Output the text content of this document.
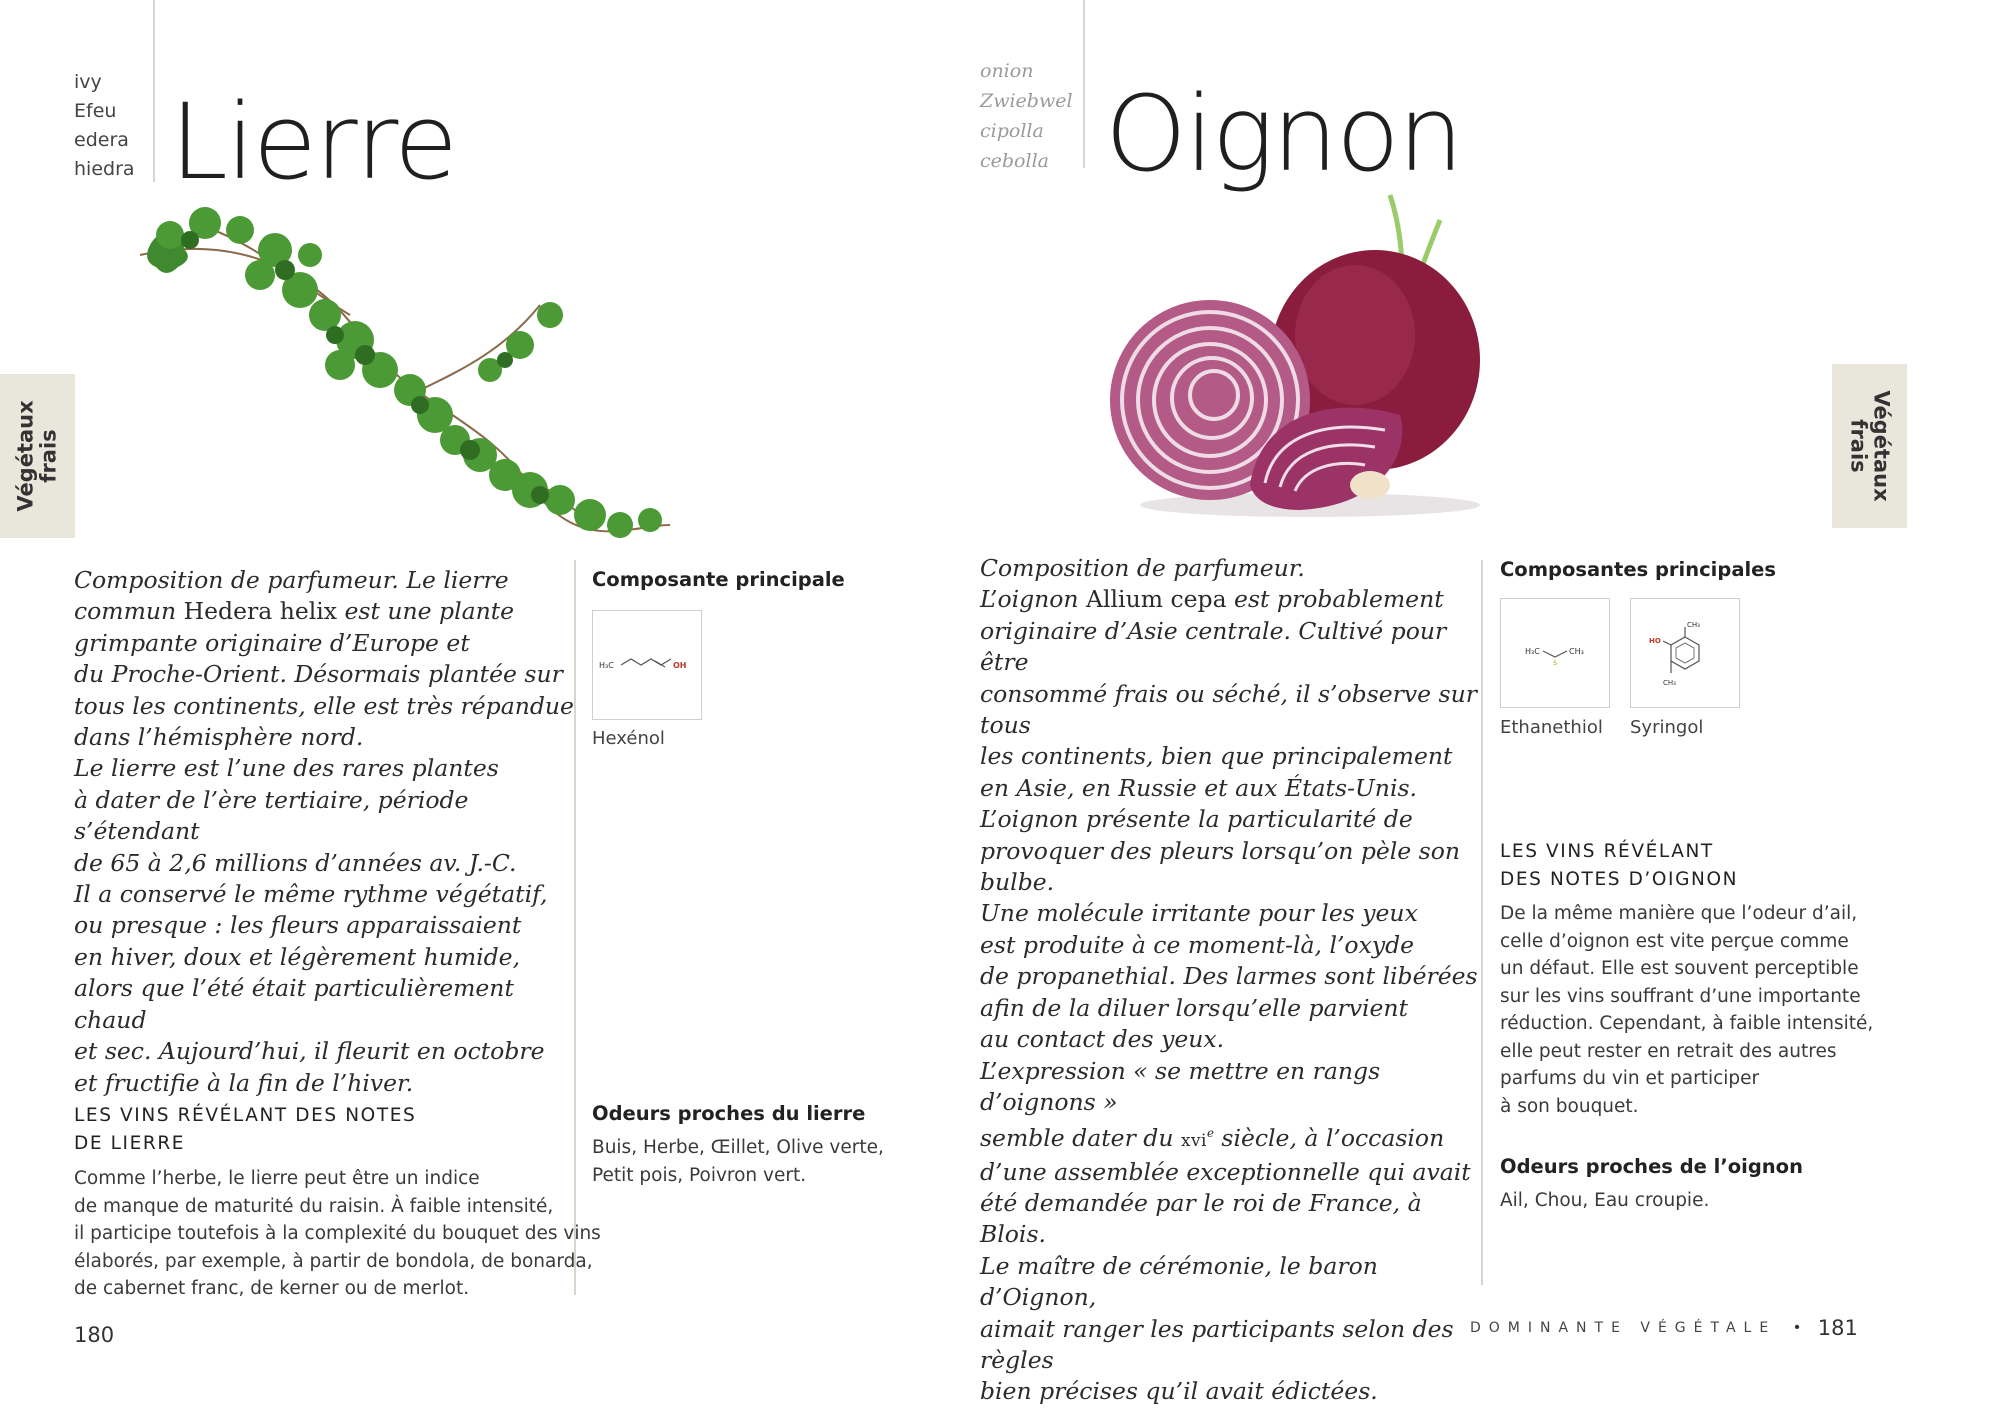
ivy
Efeu
edera
hiedra Lierre
Végétaux frais

Composition de parfumeur. Le lierre

commun Hedera helix est une plante

grimpante originaire d’Europe et

du Proche-Orient. Désormais plantée sur

tous les continents, elle est très répandue

dans l’hémisphère nord.

Le lierre est l’une des rares plantes

à dater de l’ère tertiaire, période s’étendant

de 65 à 2,6 millions d’années av. J.-C.

Il a conservé le même rythme végétatif,

ou presque : les fleurs apparaissaient

en hiver, doux et légèrement humide,

alors que l’été était particulièrement chaud

et sec. Aujourd’hui, il fleurit en octobre

et fructifie à la fin de l’hiver.

Composante principale
H₃C	OH
Hexénol
LES VINS RÉVÉLANT DES NOTES
DE LIERRE
Comme l’herbe, le lierre peut être un indice
de manque de maturité du raisin. À faible intensité,
il participe toutefois à la complexité du bouquet des vins
élaborés, par exemple, à partir de bondola, de bonarda,
de cabernet franc, de kerner ou de merlot.
Odeurs proches du lierre
Buis, Herbe, Œillet, Olive verte,
Petit pois, Poivron vert.
180
onion
Zwiebwel
cipolla
cebolla Oignon
Végétaux
frais

Composition de parfumeur.

L’oignon Allium cepa est probablement

originaire d’Asie centrale. Cultivé pour être

consommé frais ou séché, il s’observe sur tous

les continents, bien que principalement

en Asie, en Russie et aux États-Unis.

L’oignon présente la particularité de

provoquer des pleurs lorsqu’on pèle son bulbe.

Une molécule irritante pour les yeux

est produite à ce moment-là, l’oxyde

de propanethial. Des larmes sont libérées

afin de la diluer lorsqu’elle parvient

au contact des yeux.

L’expression « se mettre en rangs d’oignons »

semble dater du xvi$^e$ siècle, à l’occasion

d’une assemblée exceptionnelle qui avait

été demandée par le roi de France, à Blois.

Le maître de cérémonie, le baron d’Oignon,

aimait ranger les participants selon des règles

bien précises qu’il avait édictées.

Composantes principales
S
H₃C	CH₃
Ethanethiol
CH₃
HO
CH₃
Syringol
LES VINS RÉVÉLANT
DES NOTES D’OIGNON
De la même manière que l’odeur d’ail,
celle d’oignon est vite perçue comme
un défaut. Elle est souvent perceptible
sur les vins souffrant d’une importante
réduction. Cependant, à faible intensité,
elle peut rester en retrait des autres
parfums du vin et participer
à son bouquet.
Odeurs proches de l’oignon
Ail, Chou, Eau croupie.
DOMINANTE VÉGÉTALE • 181
